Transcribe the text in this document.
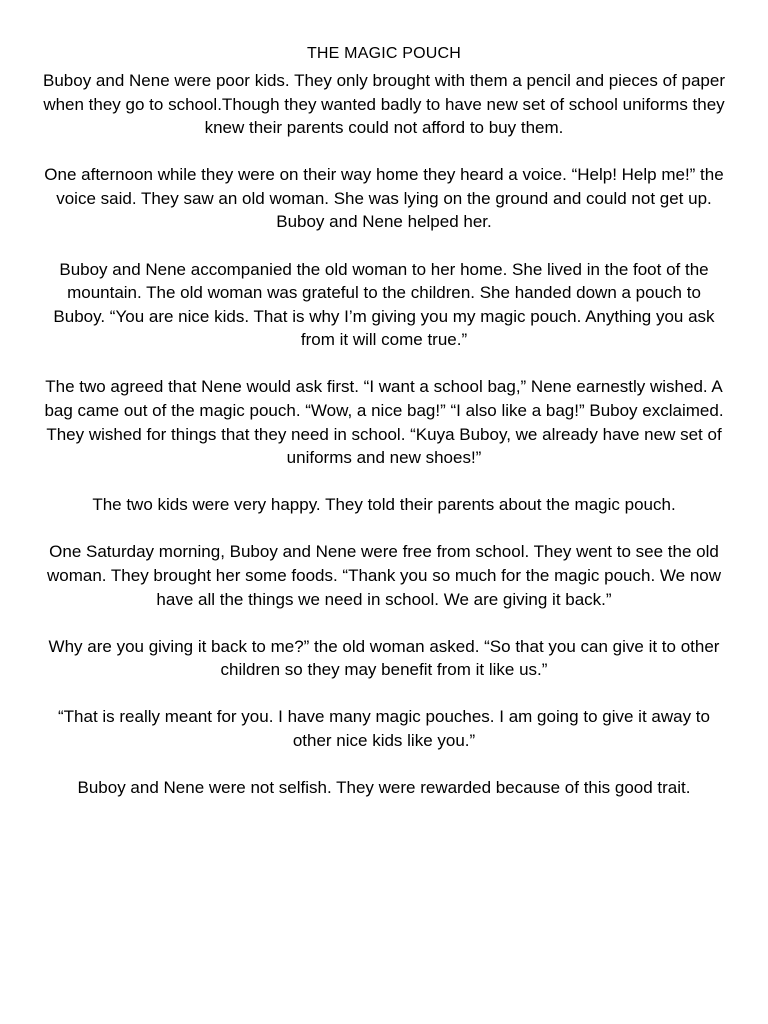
THE MAGIC POUCH

Buboy and Nene were poor kids. They only brought with them a pencil and pieces of paper when they go to school.Though they wanted badly to have new set of school uniforms they knew their parents could not afford to buy them.

One afternoon while they were on their way home they heard a voice. “Help! Help me!” the voice said. They saw an old woman. She was lying on the ground and could not get up. Buboy and Nene helped her.

Buboy and Nene accompanied the old woman to her home. She lived in the foot of the mountain. The old woman was grateful to the children. She handed down a pouch to Buboy. “You are nice kids. That is why I’m giving you my magic pouch. Anything you ask from it will come true.”

The two agreed that Nene would ask first. “I want a school bag,” Nene earnestly wished. A bag came out of the magic pouch. “Wow, a nice bag!” “I also like a bag!” Buboy exclaimed. They wished for things that they need in school. “Kuya Buboy, we already have new set of uniforms and new shoes!”

The two kids were very happy. They told their parents about the magic pouch.

One Saturday morning, Buboy and Nene were free from school. They went to see the old woman. They brought her some foods. “Thank you so much for the magic pouch. We now have all the things we need in school. We are giving it back.”

Why are you giving it back to me?” the old woman asked. “So that you can give it to other children so they may benefit from it like us.”

“That is really meant for you. I have many magic pouches. I am going to give it away to other nice kids like you.”

Buboy and Nene were not selfish. They were rewarded because of this good trait.
